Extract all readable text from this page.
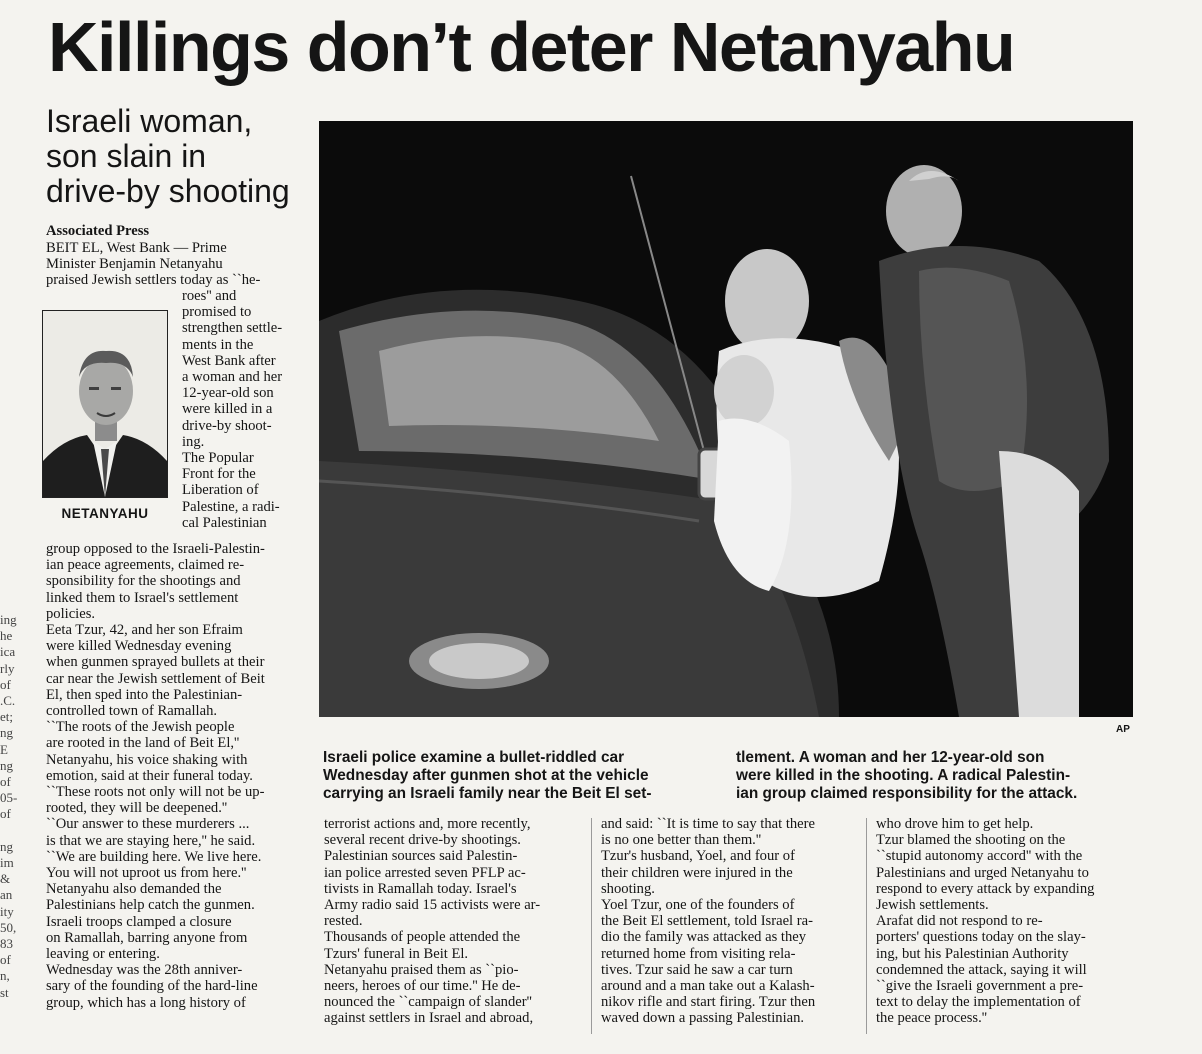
Killings don’t deter Netanyahu
Israeli woman,
son slain in
drive-by shooting
Associated Press
BEIT EL, West Bank — Prime
Minister Benjamin Netanyahu
praised Jewish settlers today as ``he-
NETANYAHU
roes'' and
promised to
strengthen settle-
ments in the
West Bank after
a woman and her
12-year-old son
were killed in a
drive-by shoot-
ing.
The Popular
Front for the
Liberation of
Palestine, a radi-
cal Palestinian
group opposed to the Israeli-Palestin-
ian peace agreements, claimed re-
sponsibility for the shootings and
linked them to Israel's settlement
policies.
Eeta Tzur, 42, and her son Efraim
were killed Wednesday evening
when gunmen sprayed bullets at their
car near the Jewish settlement of Beit
El, then sped into the Palestinian-
controlled town of Ramallah.
``The roots of the Jewish people
are rooted in the land of Beit El,''
Netanyahu, his voice shaking with
emotion, said at their funeral today.
``These roots not only will not be up-
rooted, they will be deepened.''
``Our answer to these murderers ...
is that we are staying here,'' he said.
``We are building here. We live here.
You will not uproot us from here.''
Netanyahu also demanded the
Palestinians help catch the gunmen.
Israeli troops clamped a closure
on Ramallah, barring anyone from
leaving or entering.
Wednesday was the 28th anniver-
sary of the founding of the hard-line
group, which has a long history of
AP
Israeli police examine a bullet-riddled car
Wednesday after gunmen shot at the vehicle
carrying an Israeli family near the Beit El set-
tlement. A woman and her 12-year-old son
were killed in the shooting. A radical Palestin-
ian group claimed responsibility for the attack.
terrorist actions and, more recently,
several recent drive-by shootings.
Palestinian sources said Palestin-
ian police arrested seven PFLP ac-
tivists in Ramallah today. Israel's
Army radio said 15 activists were ar-
rested.
Thousands of people attended the
Tzurs' funeral in Beit El.
Netanyahu praised them as ``pio-
neers, heroes of our time.'' He de-
nounced the ``campaign of slander''
against settlers in Israel and abroad,
and said: ``It is time to say that there
is no one better than them.''
Tzur's husband, Yoel, and four of
their children were injured in the
shooting.
Yoel Tzur, one of the founders of
the Beit El settlement, told Israel ra-
dio the family was attacked as they
returned home from visiting rela-
tives. Tzur said he saw a car turn
around and a man take out a Kalash-
nikov rifle and start firing. Tzur then
waved down a passing Palestinian.
who drove him to get help.
Tzur blamed the shooting on the
``stupid autonomy accord'' with the
Palestinians and urged Netanyahu to
respond to every attack by expanding
Jewish settlements.
Arafat did not respond to re-
porters' questions today on the slay-
ing, but his Palestinian Authority
condemned the attack, saying it will
``give the Israeli government a pre-
text to delay the implementation of
the peace process.''
ing
he
ica
rly
of
.C.
et;
ng
E
ng
of
05-
of

ng
im
&
an
ity
50,
83
of
n,
st
